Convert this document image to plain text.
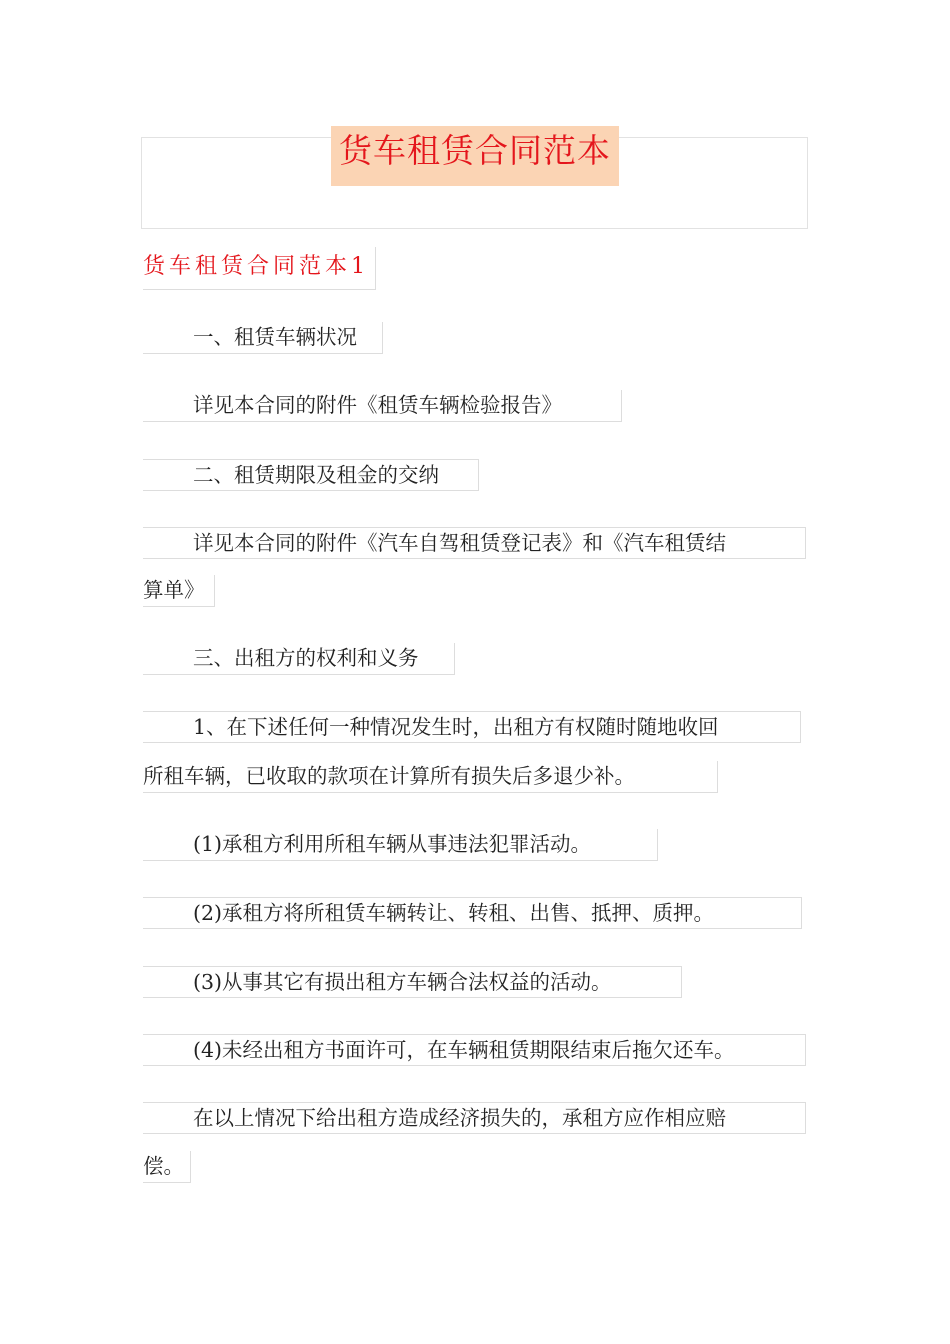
货车租赁合同范本
货车租赁合同范本1
一、租赁车辆状况
详见本合同的附件《租赁车辆检验报告》
二、租赁期限及租金的交纳
详见本合同的附件《汽车自驾租赁登记表》和《汽车租赁结
算单》
三、出租方的权利和义务
1、在下述任何一种情况发生时，出租方有权随时随地收回
所租车辆，已收取的款项在计算所有损失后多退少补。
(1)承租方利用所租车辆从事违法犯罪活动。
(2)承租方将所租赁车辆转让、转租、出售、抵押、质押。
(3)从事其它有损出租方车辆合法权益的活动。
(4)未经出租方书面许可，在车辆租赁期限结束后拖欠还车。
在以上情况下给出租方造成经济损失的，承租方应作相应赔
偿。
